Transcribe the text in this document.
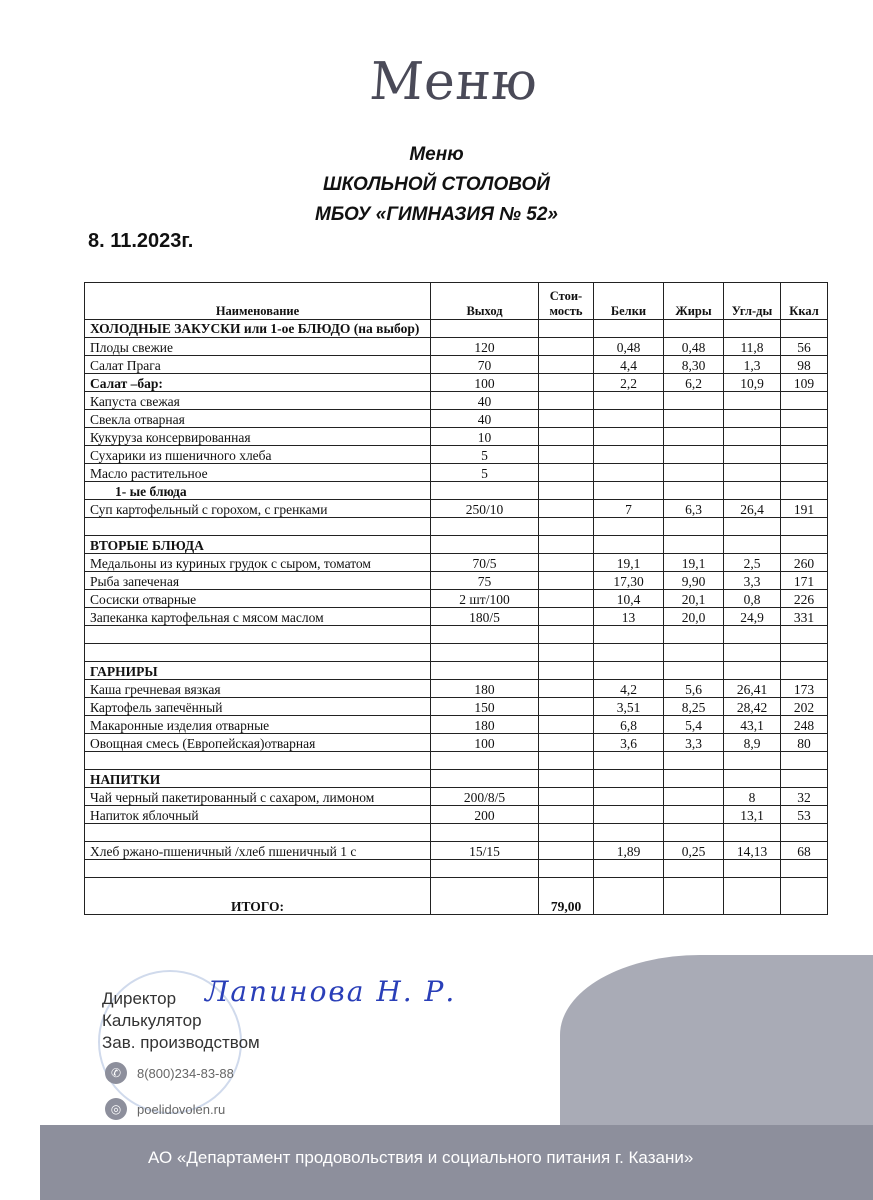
Меню
Меню
ШКОЛЬНОЙ СТОЛОВОЙ
МБОУ «ГИМНАЗИЯ № 52»
8. 11.2023г.
Наименование	Выход	Стои-мость	Белки	Жиры	Угл-ды	Ккал
ХОЛОДНЫЕ ЗАКУСКИ или 1-ое БЛЮДО (на выбор)						
Плоды свежие	120		0,48	0,48	11,8	56
Салат Прага	70		4,4	8,30	1,3	98
Салат –бар:	100		2,2	6,2	10,9	109
Капуста свежая	40					
Свекла отварная	40					
Кукуруза консервированная	10					
Сухарики из пшеничного хлеба	5					
Масло растительное	5					
1- ые блюда						
Суп картофельный с горохом, с гренками	250/10		7	6,3	26,4	191

ВТОРЫЕ БЛЮДА						
Медальоны из куриных грудок с сыром, томатом	70/5		19,1	19,1	2,5	260
Рыба запеченая	75		17,30	9,90	3,3	171
Сосиски отварные	2 шт/100		10,4	20,1	0,8	226
Запеканка картофельная с мясом маслом	180/5		13	20,0	24,9	331

ГАРНИРЫ						
Каша гречневая вязкая	180		4,2	5,6	26,41	173
Картофель запечённый	150		3,51	8,25	28,42	202
Макаронные изделия отварные	180		6,8	5,4	43,1	248
Овощная смесь (Европейская)отварная	100		3,6	3,3	8,9	80

НАПИТКИ						
Чай черный пакетированный с сахаром, лимоном	200/8/5				8	32
Напиток яблочный	200				13,1	53

Хлеб ржано-пшеничный /хлеб пшеничный 1 с	15/15		1,89	0,25	14,13	68

ИТОГО:		79,00				
Директор
Калькулятор
Зав. производством
Лапинова Н. Р.
✆	8(800)234-83-88
◎	poelidovolen.ru
АО «Департамент продовольствия и социального питания г. Казани»
